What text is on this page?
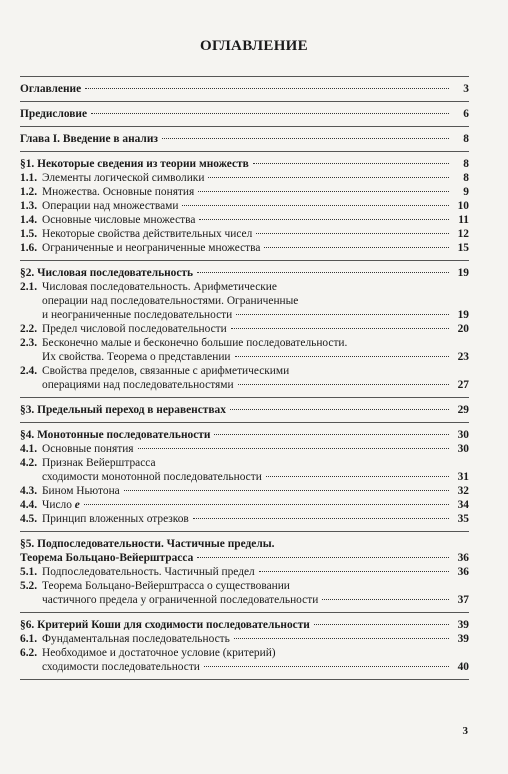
ОГЛАВЛЕНИЕ
Оглавление	3
Предисловие	6
Глава I. Введение в анализ	8
§1. Некоторые сведения из теории множеств	8
1.1. Элементы логической символики	8
1.2. Множества. Основные понятия	9
1.3. Операции над множествами	10
1.4. Основные числовые множества	11
1.5. Некоторые свойства действительных чисел	12
1.6. Ограниченные и неограниченные множества	15
§2. Числовая последовательность	19
2.1. Числовая последовательность. Арифметические
операции над последовательностями. Ограниченные
и неограниченные последовательности	19
2.2. Предел числовой последовательности	20
2.3. Бесконечно малые и бесконечно большие последовательности.
Их свойства. Теорема о представлении	23
2.4. Свойства пределов, связанные с арифметическими
операциями над последовательностями	27
§3. Предельный переход в неравенствах	29
§4. Монотонные последовательности	30
4.1. Основные понятия	30
4.2. Признак Вейерштрасса
сходимости монотонной последовательности	31
4.3. Бином Ньютона	32
4.4. Число e	34
4.5. Принцип вложенных отрезков	35
§5. Подпоследовательности. Частичные пределы.
Теорема Больцано-Вейерштрасса	36
5.1. Подпоследовательность. Частичный предел	36
5.2. Теорема Больцано-Вейерштрасса о существовании
частичного предела у ограниченной последовательности	37
§6. Критерий Коши для сходимости последовательности	39
6.1. Фундаментальная последовательность	39
6.2. Необходимое и достаточное условие (критерий)
сходимости последовательности	40
3
